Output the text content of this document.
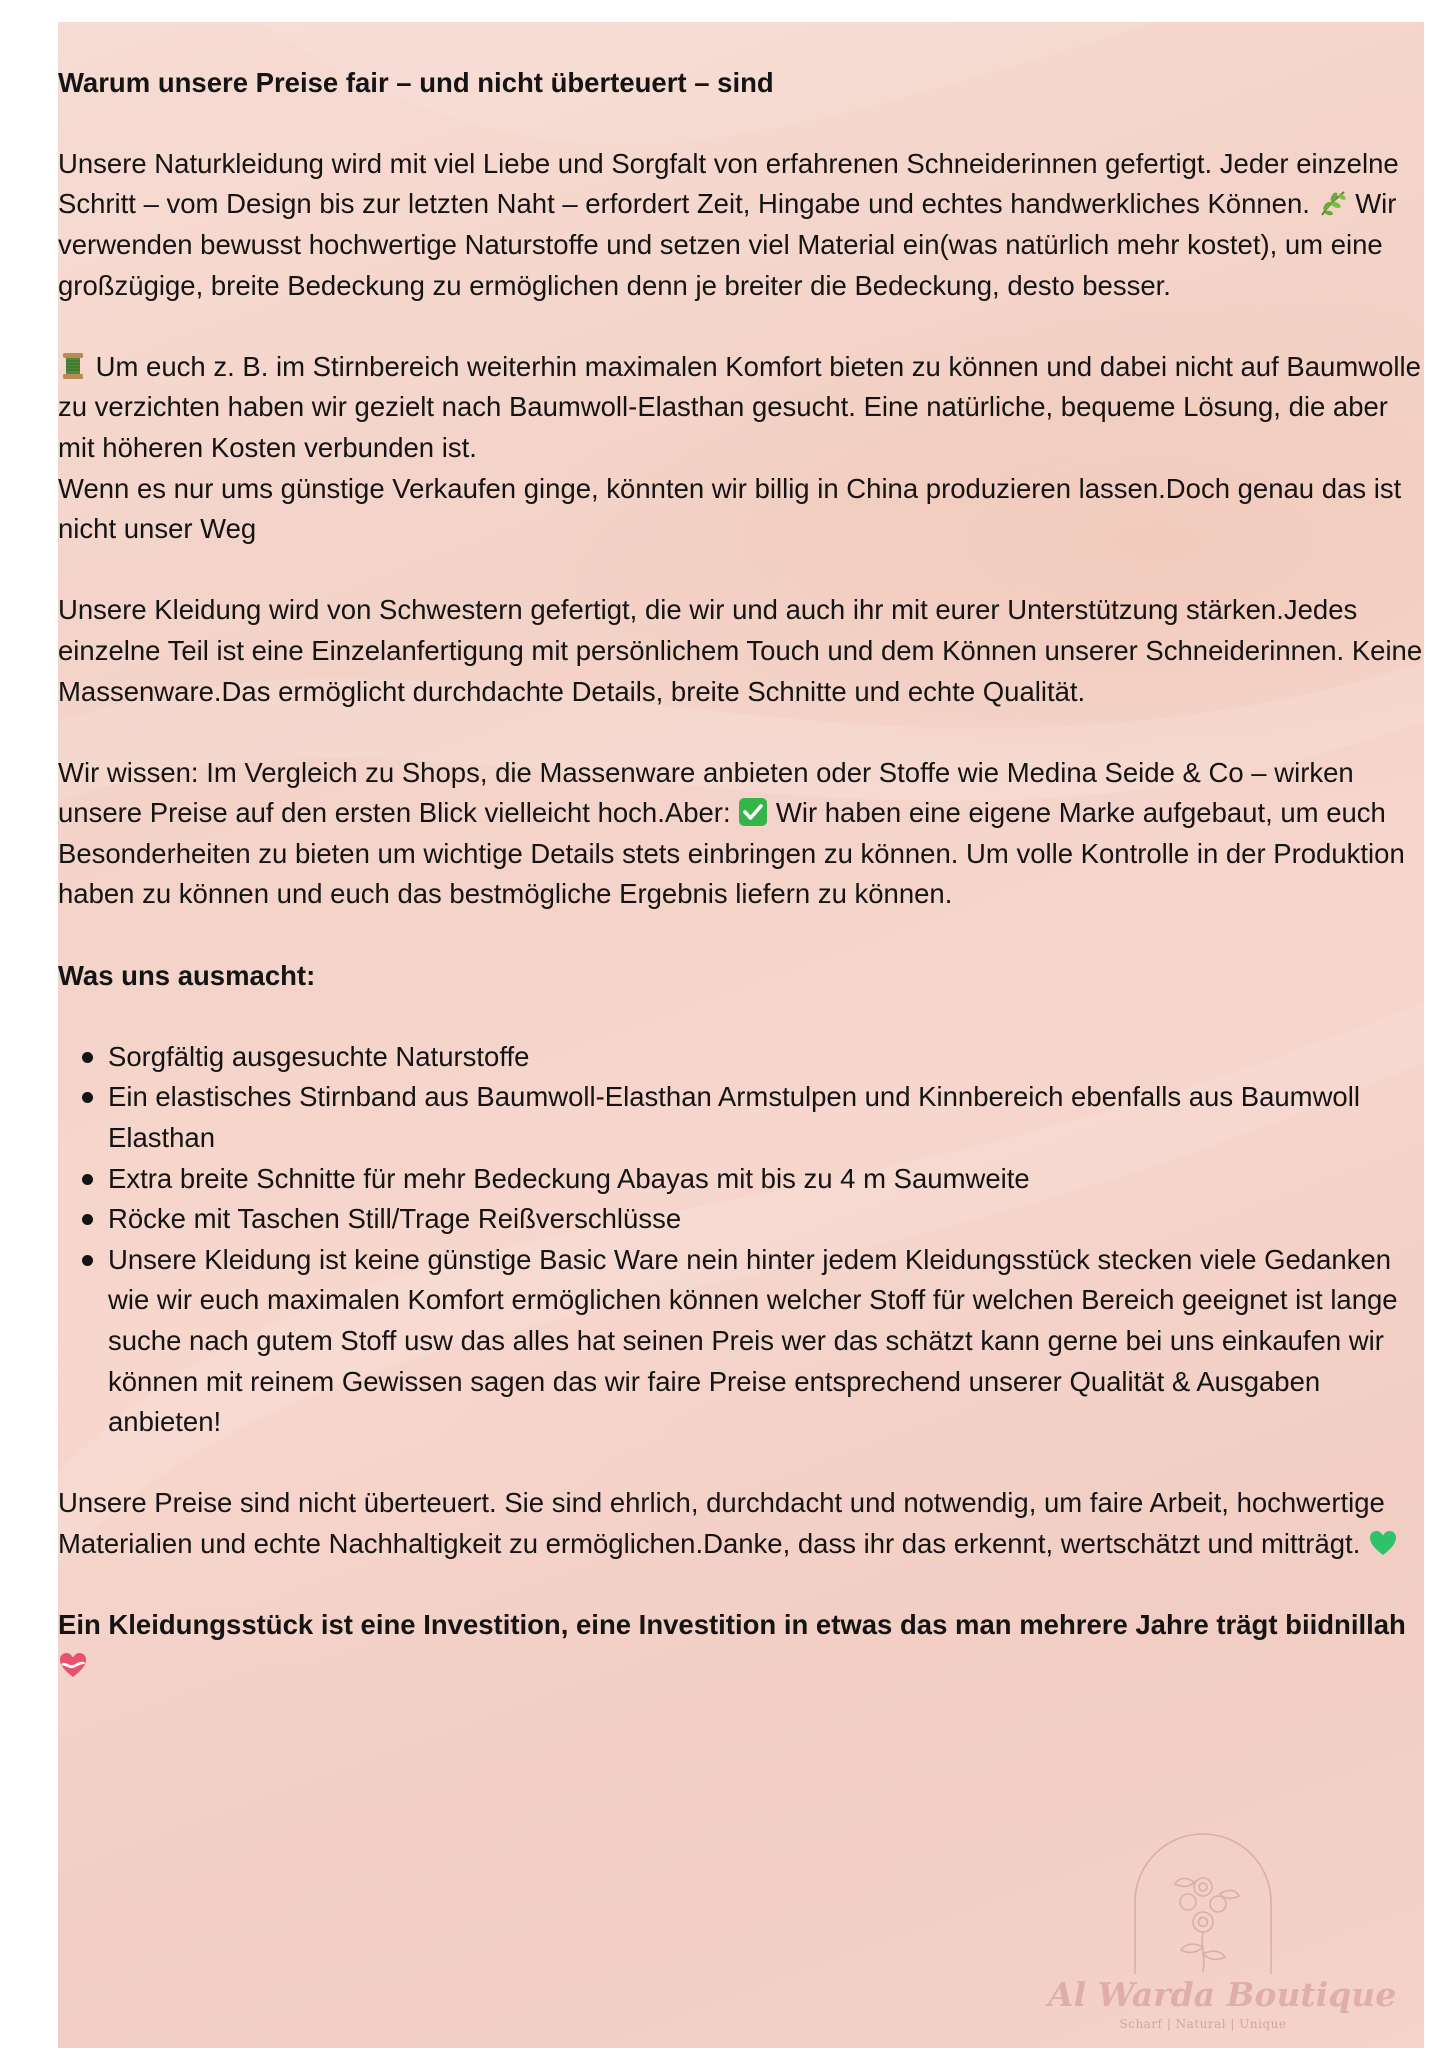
Warum unsere Preise fair – und nicht überteuert – sind

Unsere Naturkleidung wird mit viel Liebe und Sorgfalt von erfahrenen Schneiderinnen gefertigt. Jeder einzelne Schritt – vom Design bis zur letzten Naht – erfordert Zeit, Hingabe und echtes handwerkliches Können.  Wir verwenden bewusst hochwertige Naturstoffe und setzen viel Material ein(was natürlich mehr kostet), um eine großzügige, breite Bedeckung zu ermöglichen denn je breiter die Bedeckung, desto besser.

Um euch z. B. im Stirnbereich weiterhin maximalen Komfort bieten zu können und dabei nicht auf Baumwolle zu verzichten haben wir gezielt nach Baumwoll-Elasthan gesucht. Eine natürliche, bequeme Lösung, die aber mit höheren Kosten verbunden ist.
Wenn es nur ums günstige Verkaufen ginge, könnten wir billig in China produzieren lassen.Doch genau das ist nicht unser Weg

Unsere Kleidung wird von Schwestern gefertigt, die wir und auch ihr mit eurer Unterstützung stärken.Jedes einzelne Teil ist eine Einzelanfertigung mit persönlichem Touch und dem Können unserer Schneiderinnen. Keine Massenware.Das ermöglicht durchdachte Details, breite Schnitte und echte Qualität.

Wir wissen: Im Vergleich zu Shops, die Massenware anbieten oder Stoffe wie Medina Seide & Co – wirken unsere Preise auf den ersten Blick vielleicht hoch.Aber:  Wir haben eine eigene Marke aufgebaut, um euch Besonderheiten zu bieten um wichtige Details stets einbringen zu können. Um volle Kontrolle in der Produktion haben zu können und euch das bestmögliche Ergebnis liefern zu können.

Was uns ausmacht:

Sorgfältig ausgesuchte Naturstoffe
Ein elastisches Stirnband aus Baumwoll-Elasthan Armstulpen und Kinnbereich ebenfalls aus Baumwoll Elasthan
Extra breite Schnitte für mehr Bedeckung Abayas mit bis zu 4 m Saumweite
Röcke mit Taschen Still/Trage Reißverschlüsse
Unsere Kleidung ist keine günstige Basic Ware nein hinter jedem Kleidungsstück stecken viele Gedanken wie wir euch maximalen Komfort ermöglichen können welcher Stoff für welchen Bereich geeignet ist lange suche nach gutem Stoff usw das alles hat seinen Preis wer das schätzt kann gerne bei uns einkaufen wir können mit reinem Gewissen sagen das wir faire Preise entsprechend unserer Qualität & Ausgaben anbieten!

Unsere Preise sind nicht überteuert. Sie sind ehrlich, durchdacht und notwendig, um faire Arbeit, hochwertige Materialien und echte Nachhaltigkeit zu ermöglichen.Danke, dass ihr das erkennt, wertschätzt und mitträgt.

Ein Kleidungsstück ist eine Investition, eine Investition in etwas das man mehrere Jahre trägt biidnillah

Al Warda Boutique
Scharf | Natural | Unique
